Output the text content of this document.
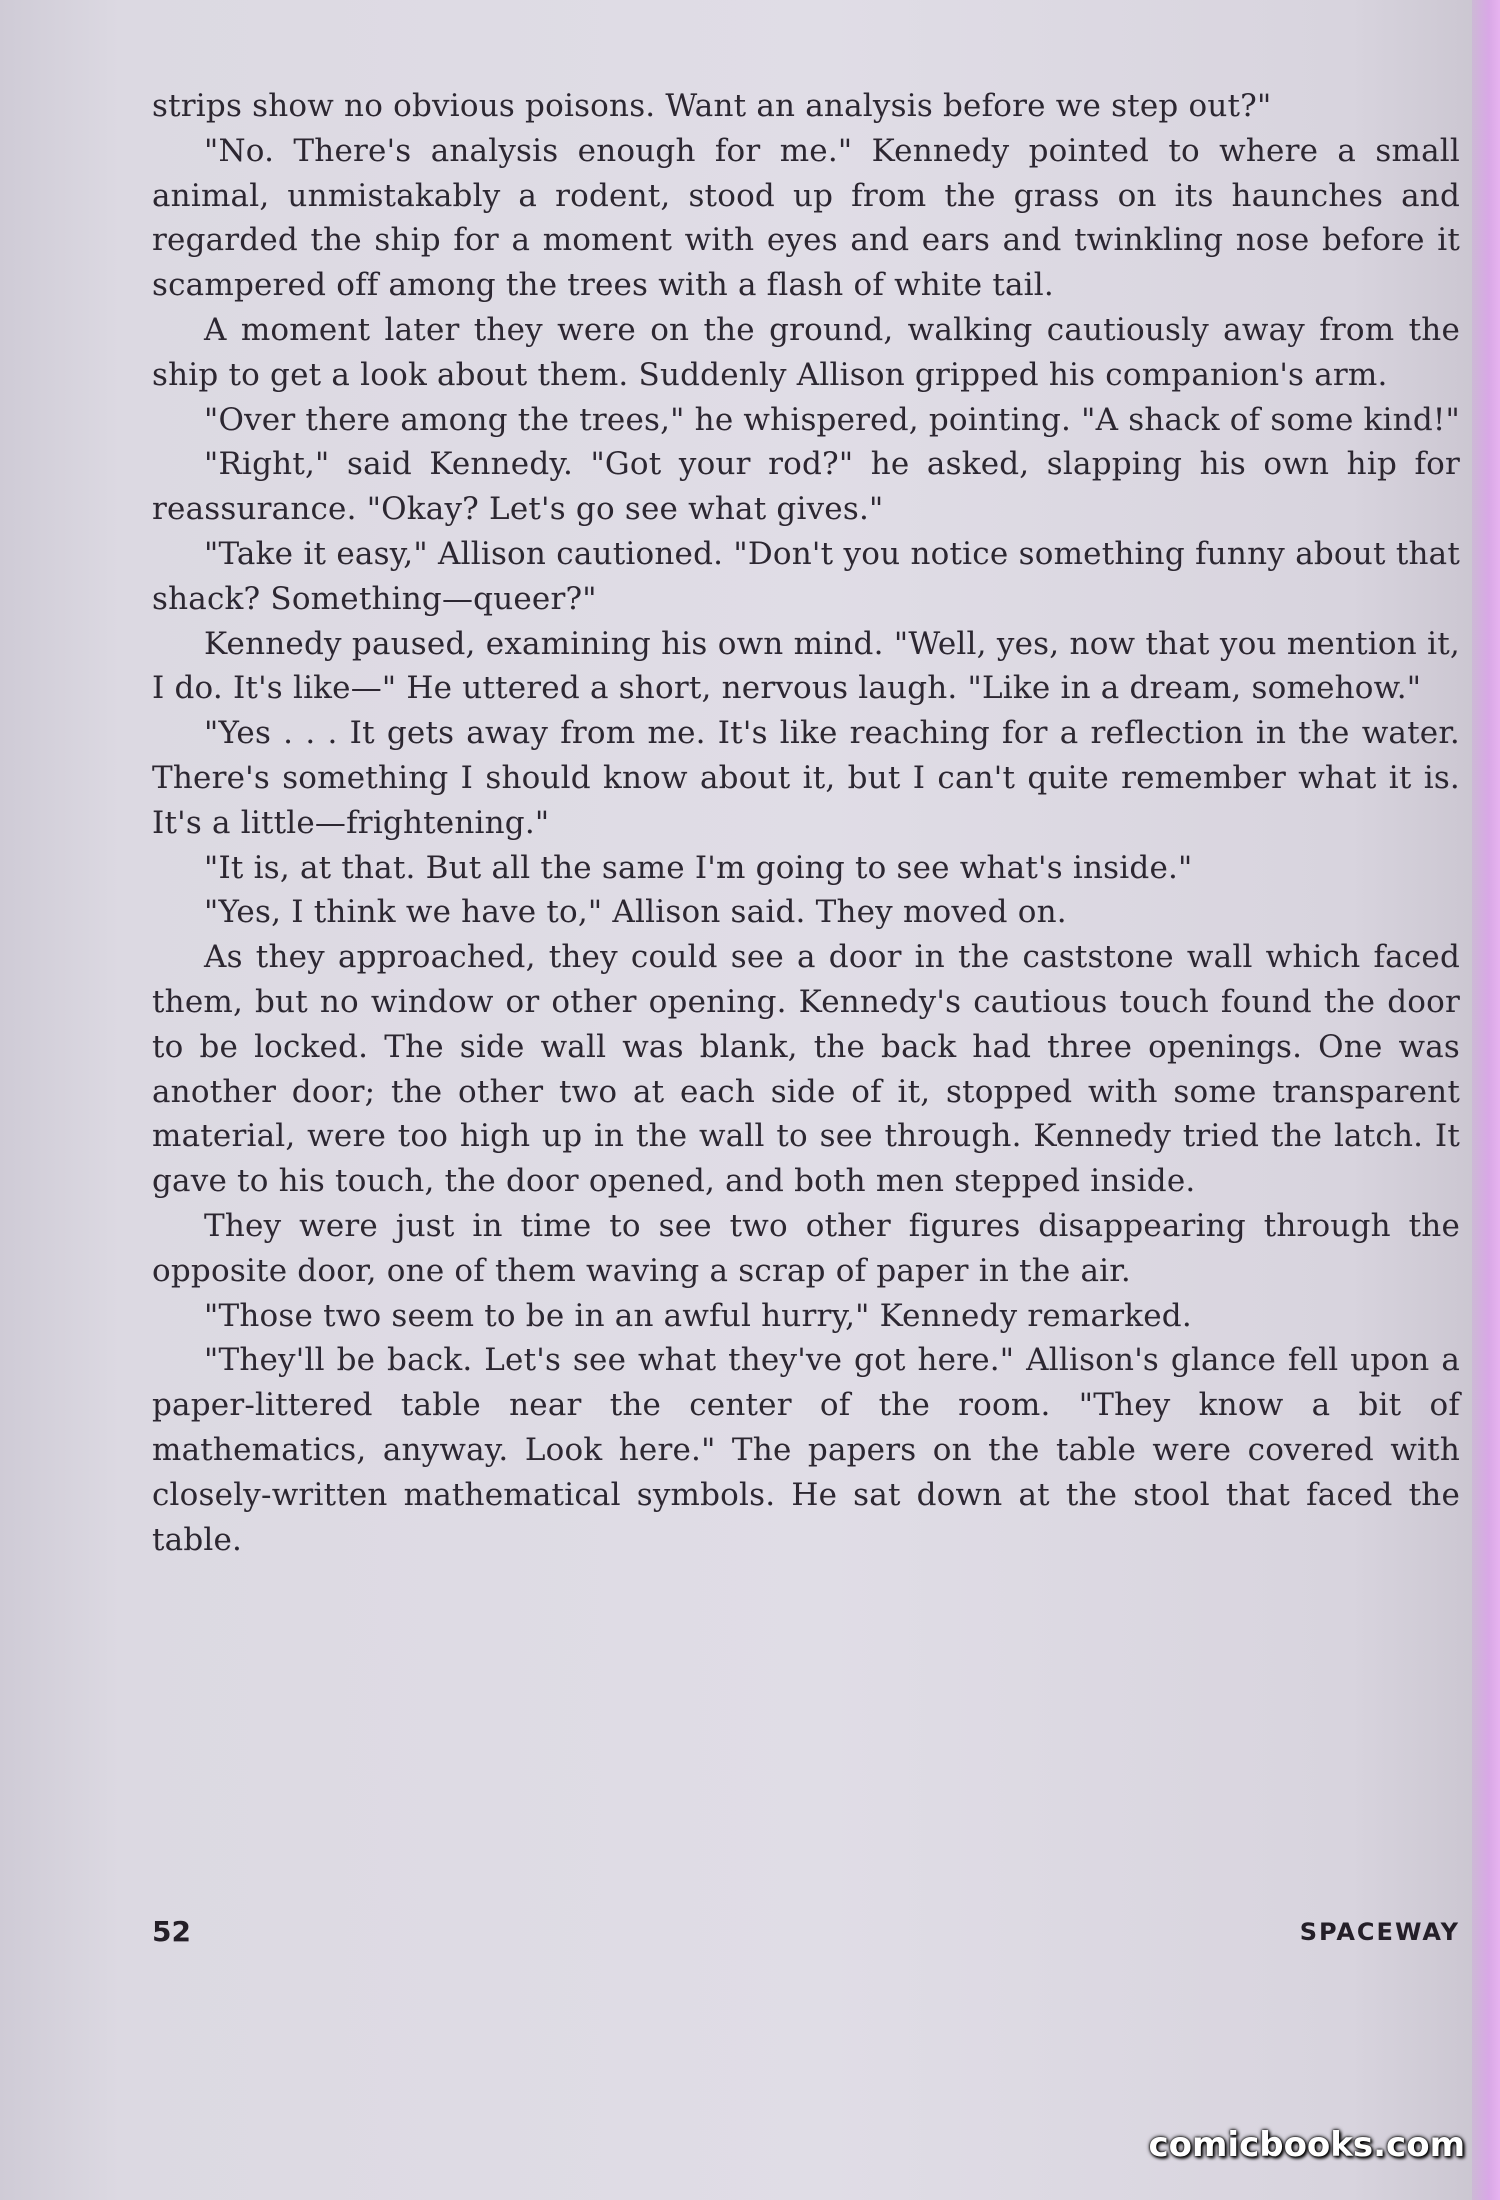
strips show no obvious poisons. Want an analysis before we step out?"

"No. There's analysis enough for me." Kennedy pointed to where a small animal, unmistakably a rodent, stood up from the grass on its haunches and regarded the ship for a moment with eyes and ears and twinkling nose before it scampered off among the trees with a flash of white tail.

A moment later they were on the ground, walking cautiously away from the ship to get a look about them. Suddenly Allison gripped his companion's arm.

"Over there among the trees," he whispered, pointing. "A shack of some kind!"

"Right," said Kennedy. "Got your rod?" he asked, slapping his own hip for reassurance. "Okay? Let's go see what gives."

"Take it easy," Allison cautioned. "Don't you notice something funny about that shack? Something—queer?"

Kennedy paused, examining his own mind. "Well, yes, now that you mention it, I do. It's like—" He uttered a short, nervous laugh. "Like in a dream, somehow."

"Yes . . . It gets away from me. It's like reaching for a reflection in the water. There's something I should know about it, but I can't quite remember what it is. It's a little—frightening."

"It is, at that. But all the same I'm going to see what's inside."

"Yes, I think we have to," Allison said. They moved on.

As they approached, they could see a door in the caststone wall which faced them, but no window or other opening. Kennedy's cautious touch found the door to be locked. The side wall was blank, the back had three openings. One was another door; the other two at each side of it, stopped with some transparent material, were too high up in the wall to see through. Kennedy tried the latch. It gave to his touch, the door opened, and both men stepped inside.

They were just in time to see two other figures disappearing through the opposite door, one of them waving a scrap of paper in the air.

"Those two seem to be in an awful hurry," Kennedy remarked.

"They'll be back. Let's see what they've got here." Allison's glance fell upon a paper-littered table near the center of the room. "They know a bit of mathematics, anyway. Look here." The papers on the table were covered with closely-written mathematical symbols. He sat down at the stool that faced the table.

52	SPACEWAY
comicbooks.com
